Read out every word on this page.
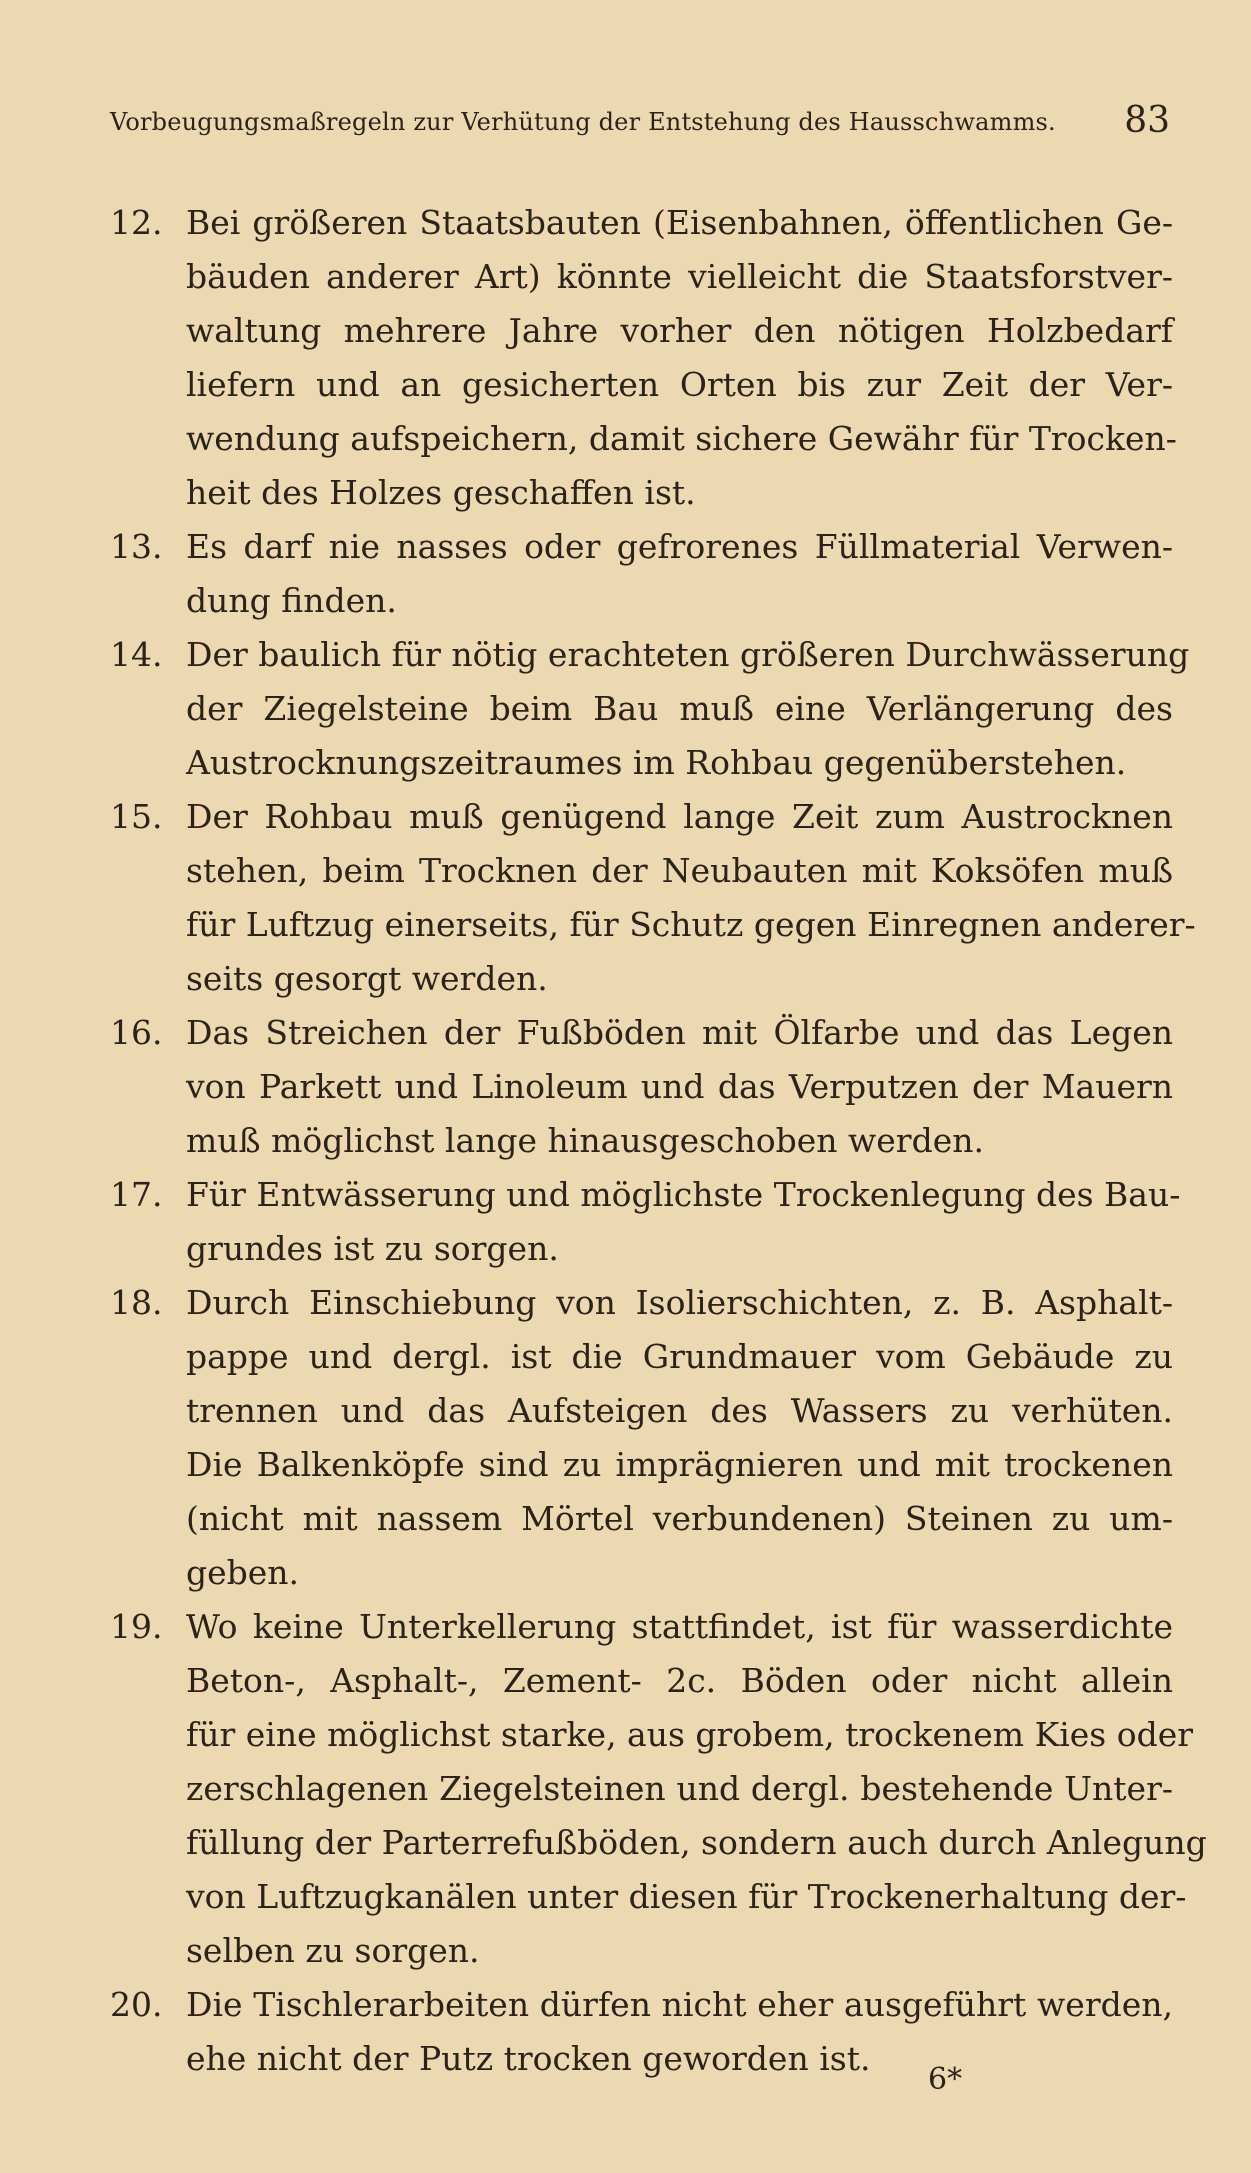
Vorbeugungsmaßregeln zur Verhütung der Entstehung des Hausschwamms. 83
12. Bei größeren Staatsbauten (Eisenbahnen, öffentlichen Ge-
bäuden anderer Art) könnte vielleicht die Staatsforstver-
waltung mehrere Jahre vorher den nötigen Holzbedarf
liefern und an gesicherten Orten bis zur Zeit der Ver-
wendung aufspeichern, damit sichere Gewähr für Trocken-
heit des Holzes geschaffen ist.
13. Es darf nie nasses oder gefrorenes Füllmaterial Verwen-
dung finden.
14. Der baulich für nötig erachteten größeren Durchwässerung
der Ziegelsteine beim Bau muß eine Verlängerung des
Austrocknungszeitraumes im Rohbau gegenüberstehen.
15. Der Rohbau muß genügend lange Zeit zum Austrocknen
stehen, beim Trocknen der Neubauten mit Koksöfen muß
für Luftzug einerseits, für Schutz gegen Einregnen anderer-
seits gesorgt werden.
16. Das Streichen der Fußböden mit Ölfarbe und das Legen
von Parkett und Linoleum und das Verputzen der Mauern
muß möglichst lange hinausgeschoben werden.
17. Für Entwässerung und möglichste Trockenlegung des Bau-
grundes ist zu sorgen.
18. Durch Einschiebung von Isolierschichten, z. B. Asphalt-
pappe und dergl. ist die Grundmauer vom Gebäude zu
trennen und das Aufsteigen des Wassers zu verhüten.
Die Balkenköpfe sind zu imprägnieren und mit trockenen
(nicht mit nassem Mörtel verbundenen) Steinen zu um-
geben.
19. Wo keine Unterkellerung stattfindet, ist für wasserdichte
Beton-, Asphalt-, Zement- 2c. Böden oder nicht allein
für eine möglichst starke, aus grobem, trockenem Kies oder
zerschlagenen Ziegelsteinen und dergl. bestehende Unter-
füllung der Parterrefußböden, sondern auch durch Anlegung
von Luftzugkanälen unter diesen für Trockenerhaltung der-
selben zu sorgen.
20. Die Tischlerarbeiten dürfen nicht eher ausgeführt werden,
ehe nicht der Putz trocken geworden ist.
6*
